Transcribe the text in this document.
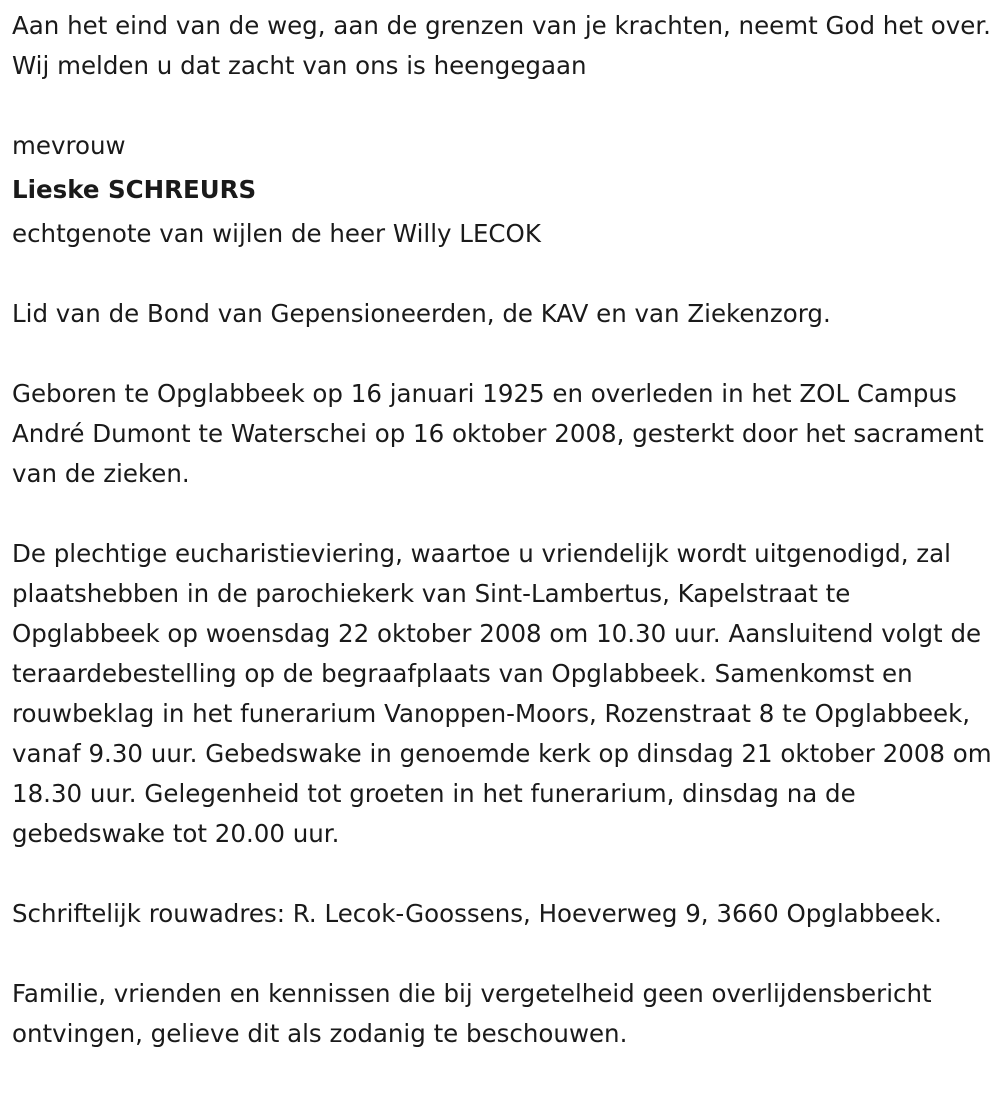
Aan het eind van de weg, aan de grenzen van je krachten, neemt God het over. Wij melden u dat zacht van ons is heengegaan

mevrouw

Lieske SCHREURS

echtgenote van wijlen de heer Willy LECOK

Lid van de Bond van Gepensioneerden, de KAV en van Ziekenzorg.

Geboren te Opglabbeek op 16 januari 1925 en overleden in het ZOL Campus André Dumont te Waterschei op 16 oktober 2008, gesterkt door het sacrament van de zieken.

De plechtige eucharistieviering, waartoe u vriendelijk wordt uitgenodigd, zal plaatshebben in de parochiekerk van Sint-Lambertus, Kapelstraat te Opglabbeek op woensdag 22 oktober 2008 om 10.30 uur. Aansluitend volgt de teraardebestelling op de begraafplaats van Opglabbeek. Samenkomst en rouwbeklag in het funerarium Vanoppen-Moors, Rozenstraat 8 te Opglabbeek, vanaf 9.30 uur. Gebedswake in genoemde kerk op dinsdag 21 oktober 2008 om 18.30 uur. Gelegenheid tot groeten in het funerarium, dinsdag na de gebedswake tot 20.00 uur.

Schriftelijk rouwadres: R. Lecok-Goossens, Hoeverweg 9, 3660 Opglabbeek.

Familie, vrienden en kennissen die bij vergetelheid geen overlijdensbericht ontvingen, gelieve dit als zodanig te beschouwen.
